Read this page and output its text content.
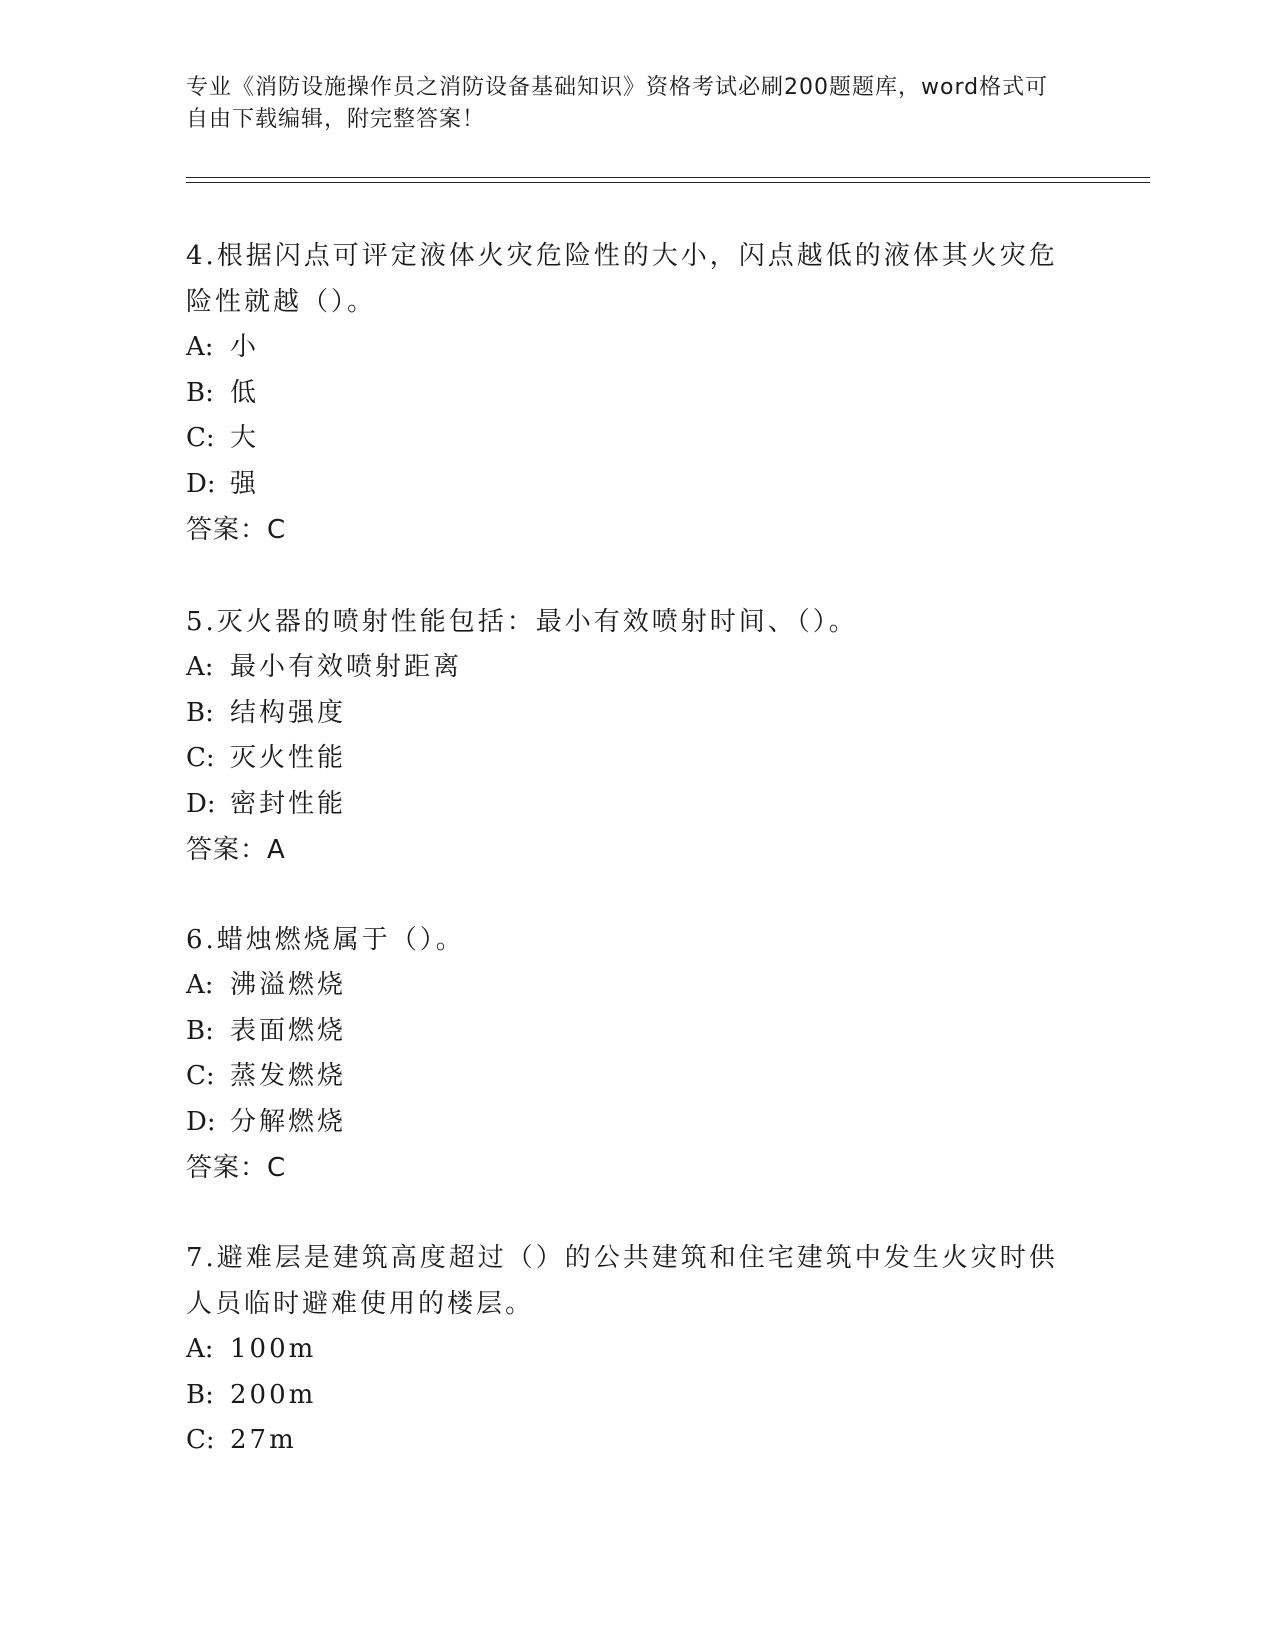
专业《消防设施操作员之消防设备基础知识》资格考试必刷200题题库，word格式可自由下载编辑，附完整答案！

4.根据闪点可评定液体火灾危险性的大小，闪点越低的液体其火灾危险性就越（）。

A: 小

B: 低

C: 大

D: 强

答案：C

5.灭火器的喷射性能包括：最小有效喷射时间、（）。

A: 最小有效喷射距离

B: 结构强度

C: 灭火性能

D: 密封性能

答案：A

6.蜡烛燃烧属于（）。

A: 沸溢燃烧

B: 表面燃烧

C: 蒸发燃烧

D: 分解燃烧

答案：C

7.避难层是建筑高度超过（）的公共建筑和住宅建筑中发生火灾时供人员临时避难使用的楼层。

A: 100m

B: 200m

C: 27m
